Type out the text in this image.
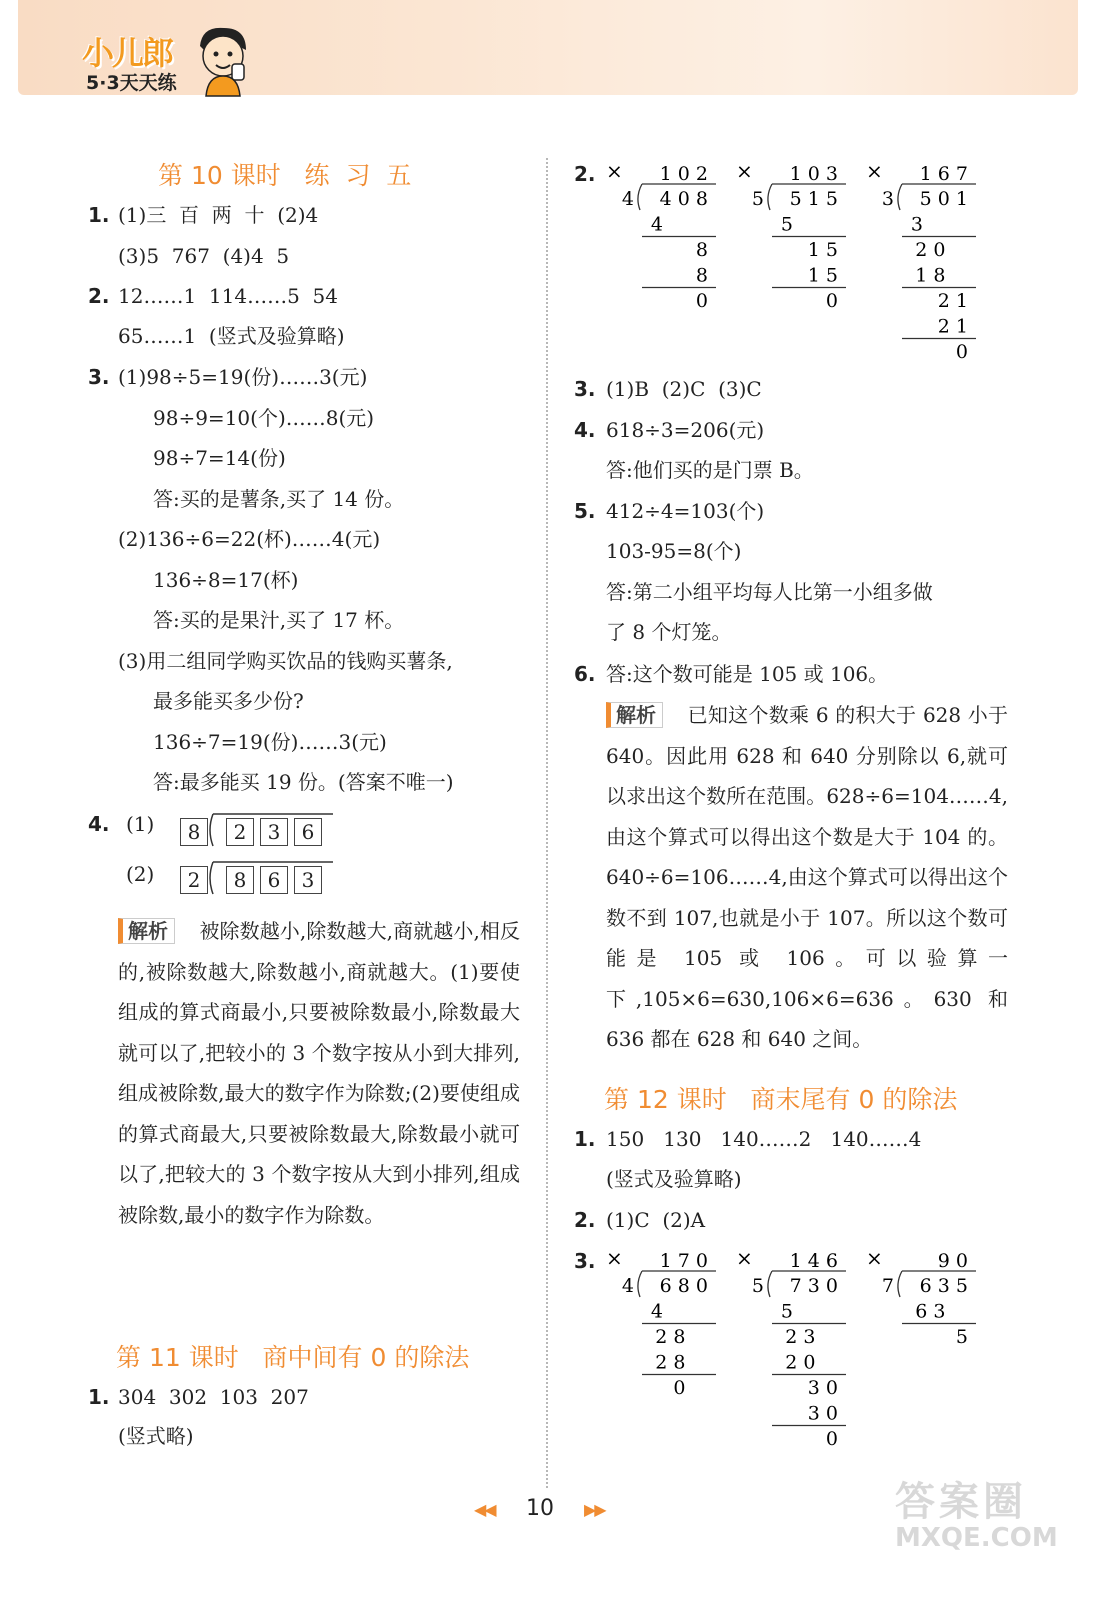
小儿郎
5·3天天练
第 10 课时   练  习  五
1. (1)三  百  两  十  (2)4
(3)5  767  (4)4  5
2. 12……1  114……5  54
65……1  (竖式及验算略)
3. (1)98÷5=19(份)……3(元)
98÷9=10(个)……8(元)
98÷7=14(份)
答:买的是薯条,买了 14 份。
(2)136÷6=22(杯)……4(元)
136÷8=17(杯)
答:买的是果汁,买了 17 杯。
(3)用二组同学购买饮品的钱购买薯条,
最多能买多少份?
136÷7=19(份)……3(元)
答:最多能买 19 份。(答案不唯一)
4. (1)
(2)
8	2 3 6
2	8 6 3
解析 被除数越小,除数越大,商就越小,相反的,被除数越大,除数越小,商就越大。(1)要使组成的算式商最小,只要被除数最小,除数最大就可以了,把较小的 3 个数字按从小到大排列,组成被除数,最大的数字作为除数;(2)要使组成的算式商最大,只要被除数最大,除数最小就可以了,把较大的 3 个数字按从大到小排列,组成被除数,最小的数字作为除数。
第 11 课时   商中间有 0 的除法
1. 304  302  103  207
(竖式略)
2. × 1 0 2
4 4 0 8
4
8
8
0
× 1 0 3
5 5 1 5
5
1 5
1 5
0
× 1 6 7
3 5 0 1
3
2 0
1 8
2 1
2 1
0
3. (1)B  (2)C  (3)C
4. 618÷3=206(元)
答:他们买的是门票 B。
5. 412÷4=103(个)
103-95=8(个)
答:第二小组平均每人比第一小组多做
了 8 个灯笼。
6. 答:这个数可能是 105 或 106。
解析 已知这个数乘 6 的积大于 628 小于 640。因此用 628 和 640 分别除以 6,就可以求出这个数所在范围。628÷6=104……4,由这个算式可以得出这个数是大于 104 的。640÷6=106……4,由这个算式可以得出这个数不到 107,也就是小于 107。所以这个数可能是 105 或 106。可以验算一下,105×6=630,106×6=636。630 和 636 都在 628 和 640 之间。
第 12 课时   商末尾有 0 的除法
1. 150   130   140……2   140……4
(竖式及验算略)
2. (1)C  (2)A
3. × 1 7 0
4 6 8 0
4
2 8
2 8
0
× 1 4 6
5 7 3 0
5
2 3
2 0
3 0
3 0
0
×	9 0
7 6 3 5
6 3
5
◀◀ 10 ▶▶	答案圈
MXQE.COM
